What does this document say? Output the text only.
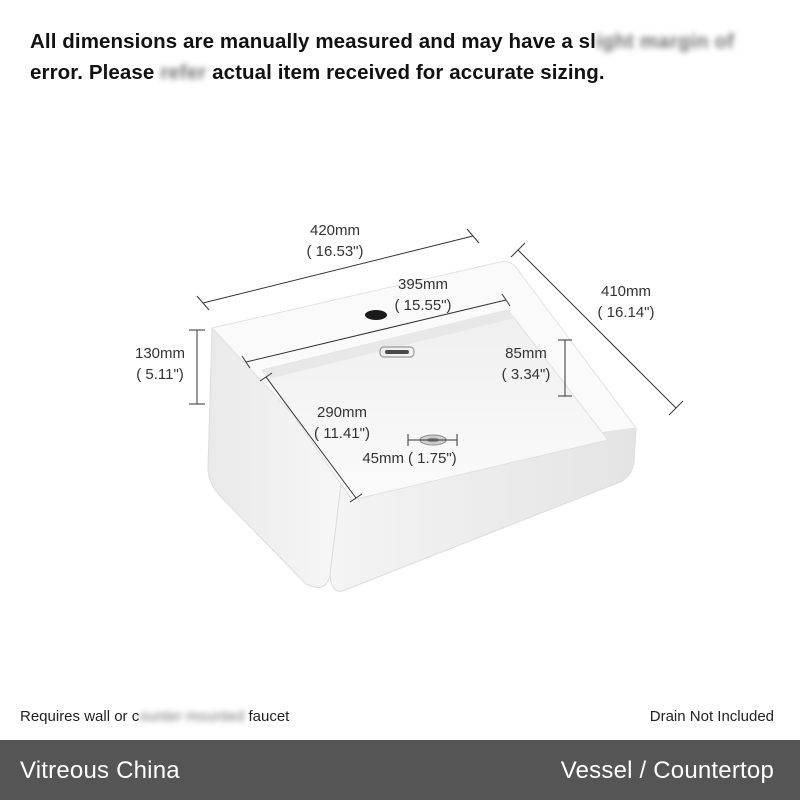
All dimensions are manually measured and may have a slight margin of
error. Please refer actual item received for accurate sizing.
420mm
( 16.53")
395mm
( 15.55")
410mm
( 16.14")
130mm
( 5.11")
85mm
( 3.34")
290mm
( 11.41")
45mm ( 1.75")
Requires wall or counter mounted faucet	Drain Not Included
Vitreous China	Vessel / Countertop
